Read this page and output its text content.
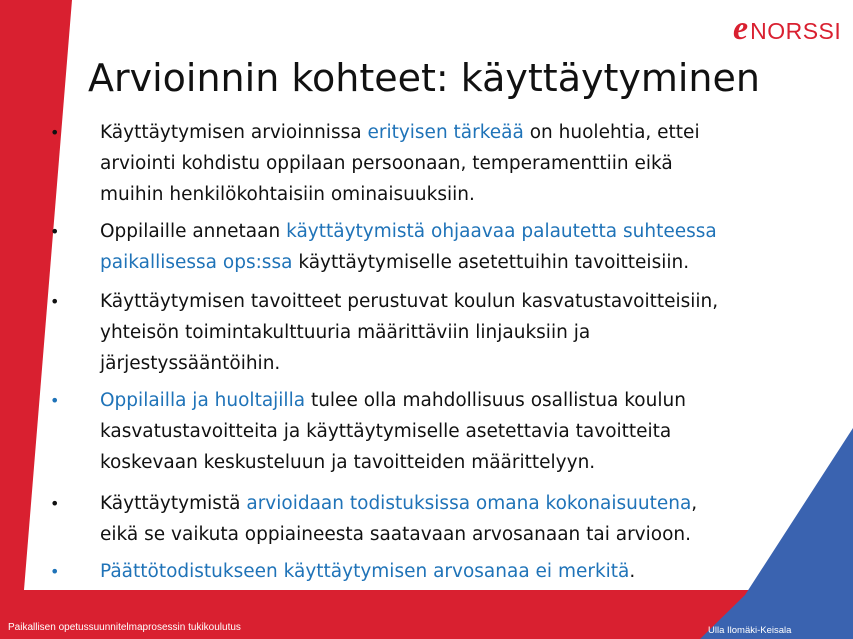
e NORSSI
Arvioinnin kohteet: käyttäytyminen
•	Käyttäytymisen arvioinnissa erityisen tärkeää on huolehtia, ettei
arviointi kohdistu oppilaan persoonaan, temperamenttiin eikä
muihin henkilökohtaisiin ominaisuuksiin.
•	Oppilaille annetaan käyttäytymistä ohjaavaa palautetta suhteessa
paikallisessa ops:ssa käyttäytymiselle asetettuihin tavoitteisiin.
•	Käyttäytymisen tavoitteet perustuvat koulun kasvatustavoitteisiin,
yhteisön toimintakulttuuria määrittäviin linjauksiin ja
järjestyssääntöihin.
•	Oppilailla ja huoltajilla tulee olla mahdollisuus osallistua koulun
kasvatustavoitteita ja käyttäytymiselle asetettavia tavoitteita
koskevaan keskusteluun ja tavoitteiden määrittelyyn.
•	Käyttäytymistä arvioidaan todistuksissa omana kokonaisuutena,
eikä se vaikuta oppiaineesta saatavaan arvosanaan tai arvioon.
•	Päättötodistukseen käyttäytymisen arvosanaa ei merkitä.
Paikallisen opetussuunnitelmaprosessin tukikoulutus	Ulla Ilomäki-Keisala
